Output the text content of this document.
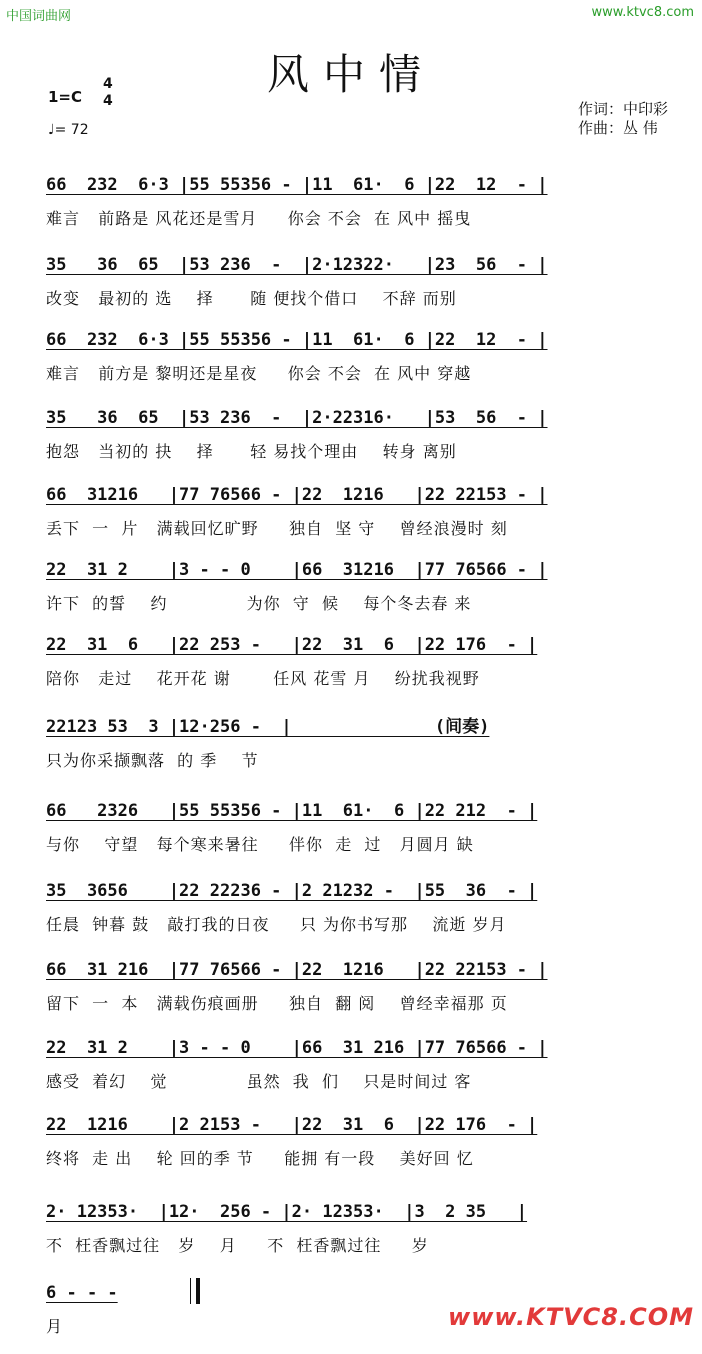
中国词曲网	www.ktvc8.com
风中情
1=C
4
4
♩= 72
作词：中印彩
作曲：丛 伟
66  232  6·3 |55 55356 - |11  61·  6 |22  12  - |
难言   前路是 风花还是雪月     你会 不会  在 风中 摇曳
35   36  65  |53 236  -  |2·12322·   |23  56  - |
改变   最初的 选    择      随 便找个借口    不辞 而别
66  232  6·3 |55 55356 - |11  61·  6 |22  12  - |
难言   前方是 黎明还是星夜     你会 不会  在 风中 穿越
35   36  65  |53 236  -  |2·22316·   |53  56  - |
抱怨   当初的 抉    择      轻 易找个理由    转身 离别
66  31216   |77 76566 - |22  1216   |22 22153 - |
丢下  一  片   满载回忆旷野     独自  坚 守    曾经浪漫时 刻
22  31 2    |3 - - 0    |66  31216  |77 76566 - |
许下  的誓    约             为你  守  候    每个冬去春 来
22  31  6   |22 253 -   |22  31  6  |22 176  - |
陪你   走过    花开花 谢       任风 花雪 月    纷扰我视野
22123 53  3 |12·256 -  |              (间奏)
只为你采撷飘落  的 季    节
66   2326   |55 55356 - |11  61·  6 |22 212  - |
与你    守望   每个寒来暑往     伴你  走  过   月圆月 缺
35  3656    |22 22236 - |2 21232 -  |55  36  - |
任晨  钟暮 鼓   敲打我的日夜     只 为你书写那    流逝 岁月
66  31 216  |77 76566 - |22  1216   |22 22153 - |
留下  一  本   满载伤痕画册     独自  翻 阅    曾经幸福那 页
22  31 2    |3 - - 0    |66  31 216 |77 76566 - |
感受  着幻    觉             虽然  我  们    只是时间过 客
22  1216    |2 2153 -   |22  31  6  |22 176  - |
终将  走 出    轮 回的季 节     能拥 有一段    美好回 忆
2· 12353·  |12·  256 - |2· 12353·  |3  2 35   |
不  枉香飘过往   岁    月     不  枉香飘过往     岁
6 - - -
月	www.KTVC8.COM
